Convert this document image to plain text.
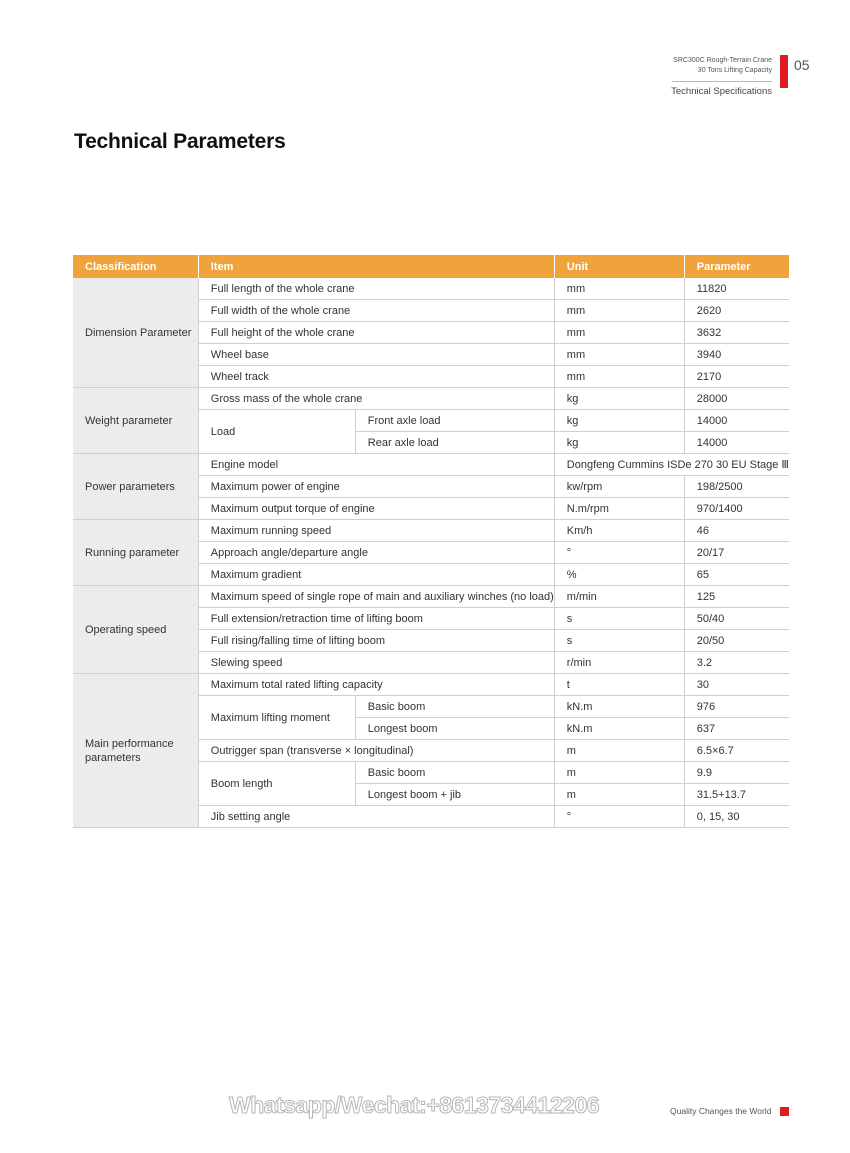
SRC300C Rough-Terrain Crane
30 Tons Lifting Capacity
Technical Specifications
05
Technical Parameters
Classification	Item		Unit	Parameter
Dimension Parameter	Full length of the whole crane		mm	11820
	Full width of the whole crane		mm	2620
	Full height of the whole crane		mm	3632
	Wheel base		mm	3940
	Wheel track		mm	2170
Weight parameter	Gross mass of the whole crane		kg	28000
	Load	Front axle load	kg	14000
		Rear axle load	kg	14000
Power parameters	Engine model		Dongfeng Cummins ISDe 270 30 EU Stage Ⅲ	
	Maximum power of engine		kw/rpm	198/2500
	Maximum output torque of engine		N.m/rpm	970/1400
Running parameter	Maximum running speed		Km/h	46
	Approach angle/departure angle		°	20/17
	Maximum gradient		%	65
Operating speed	Maximum speed of single rope of main and auxiliary winches (no load)		m/min	125
	Full extension/retraction time of lifting boom		s	50/40
	Full rising/falling time of lifting boom		s	20/50
	Slewing speed		r/min	3.2
Main performance parameters	Maximum total rated lifting capacity		t	30
	Maximum lifting moment	Basic boom	kN.m	976
		Longest boom	kN.m	637
	Outrigger span (transverse × longitudinal)		m	6.5×6.7
	Boom length	Basic boom	m	9.9
		Longest boom + jib	m	31.5+13.7
	Jib setting angle		°	0, 15, 30
Whatsapp/Wechat:+8613734412206	Quality Changes the World
